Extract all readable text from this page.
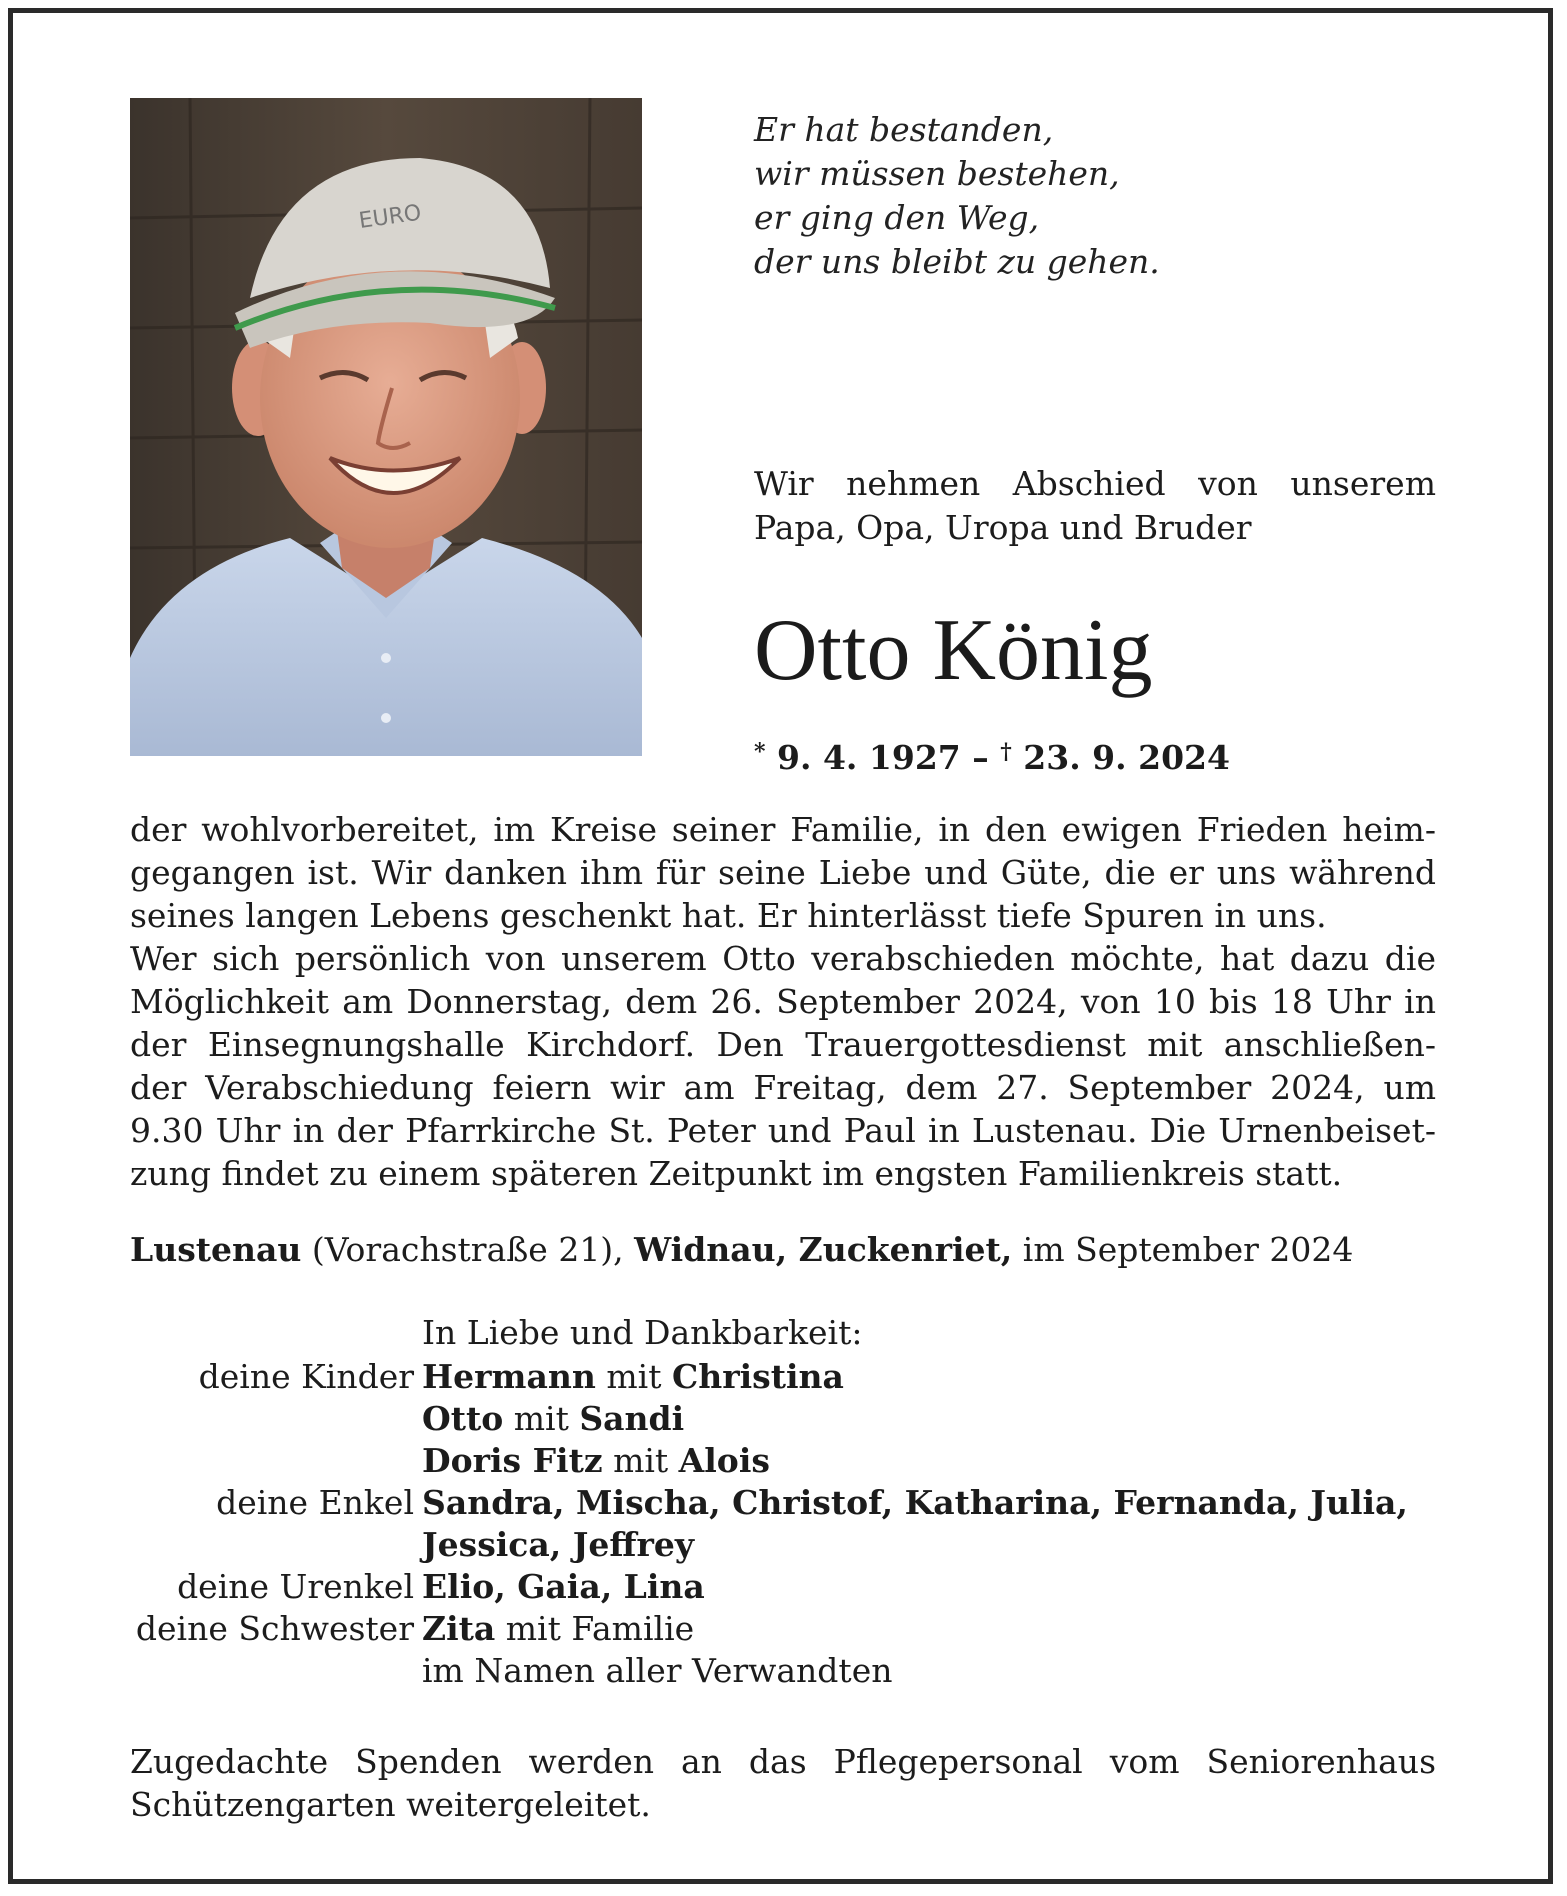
EURO
Er hat bestanden,
wir müssen bestehen,
er ging den Weg,
der uns bleibt zu gehen.
Wir nehmen Abschied von unserem
Papa, Opa, Uropa und Bruder
Otto König
* 9. 4. 1927 – † 23. 9. 2024
der wohlvorbereitet, im Kreise seiner Familie, in den ewigen Frieden heim-
gegangen ist. Wir danken ihm für seine Liebe und Güte, die er uns während
seines langen Lebens geschenkt hat. Er hinterlässt tiefe Spuren in uns.
Wer sich persönlich von unserem Otto verabschieden möchte, hat dazu die
Möglichkeit am Donnerstag, dem 26. September 2024, von 10 bis 18 Uhr in
der Einsegnungshalle Kirchdorf. Den Trauergottesdienst mit anschließen-
der Verabschiedung feiern wir am Freitag, dem 27. September 2024, um
9.30 Uhr in der Pfarrkirche St. Peter und Paul in Lustenau. Die Urnenbeiset-
zung findet zu einem späteren Zeitpunkt im engsten Familienkreis statt.
Lustenau (Vorachstraße 21), Widnau, Zuckenriet, im September 2024
In Liebe und Dankbarkeit:
deine Kinder Hermann mit Christina
Otto mit Sandi
Doris Fitz mit Alois
deine Enkel Sandra, Mischa, Christof, Katharina, Fernanda, Julia,
Jessica, Jeffrey
deine Urenkel Elio, Gaia, Lina
deine Schwester Zita mit Familie
im Namen aller Verwandten
Zugedachte Spenden werden an das Pflegepersonal vom Seniorenhaus
Schützengarten weitergeleitet.
